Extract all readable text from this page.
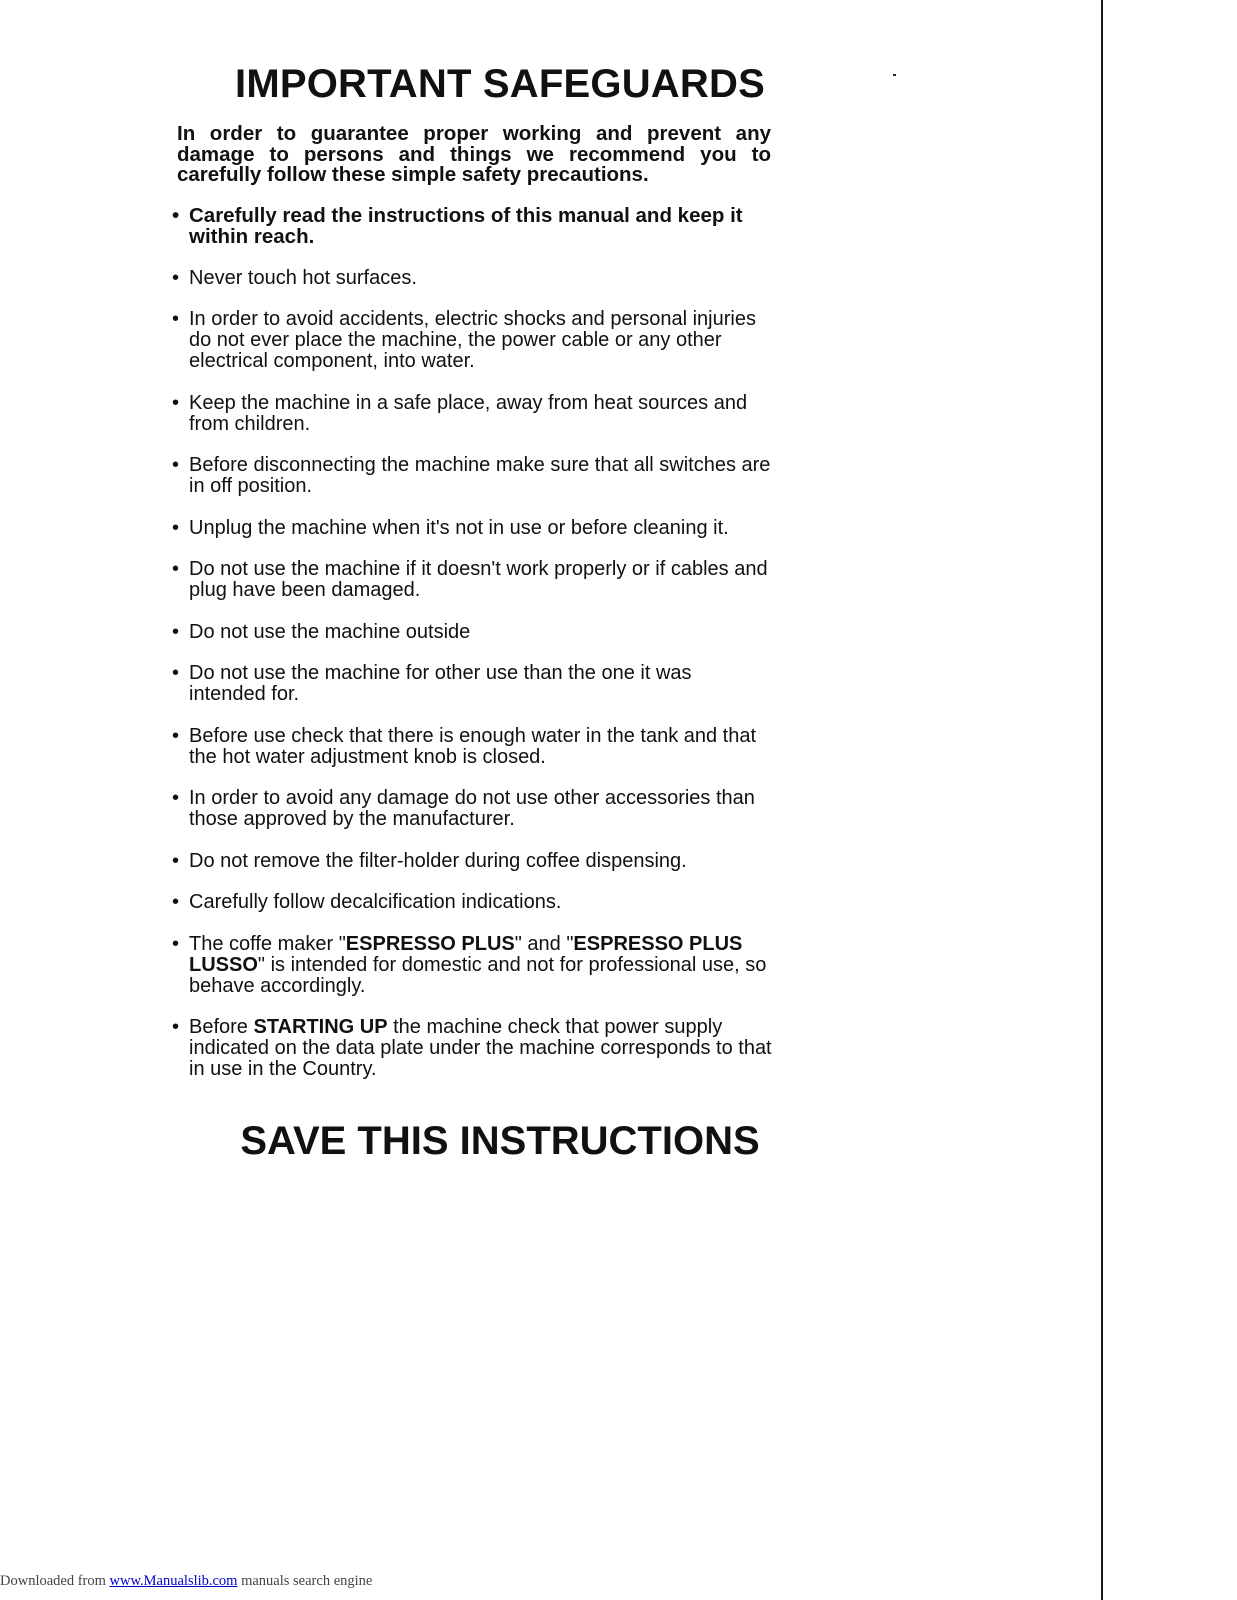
IMPORTANT SAFEGUARDS

In order to guarantee proper working and prevent any damage to persons and things we recommend you to carefully follow these simple safety precautions.

• Carefully read the instructions of this manual and keep it within reach.
• Never touch hot surfaces.
• In order to avoid accidents, electric shocks and personal injuries do not ever place the machine, the power cable or any other electrical component, into water.
• Keep the machine in a safe place, away from heat sources and from children.
• Before disconnecting the machine make sure that all switches are in off position.
• Unplug the machine when it's not in use or before cleaning it.
• Do not use the machine if it doesn't work properly or if cables and plug have been damaged.
• Do not use the machine outside
• Do not use the machine for other use than the one it was intended for.
• Before use check that there is enough water in the tank and that the hot water adjustment knob is closed.
• In order to avoid any damage do not use other accessories than those approved by the manufacturer.
• Do not remove the filter-holder during coffee dispensing.
• Carefully follow decalcification indications.
• The coffe maker "ESPRESSO PLUS" and "ESPRESSO PLUS LUSSO" is intended for domestic and not for professional use, so behave accordingly.
• Before STARTING UP the machine check that power supply indicated on the data plate under the machine corresponds to that in use in the Country.
SAVE THIS INSTRUCTIONS
Downloaded from www.Manualslib.com manuals search engine
